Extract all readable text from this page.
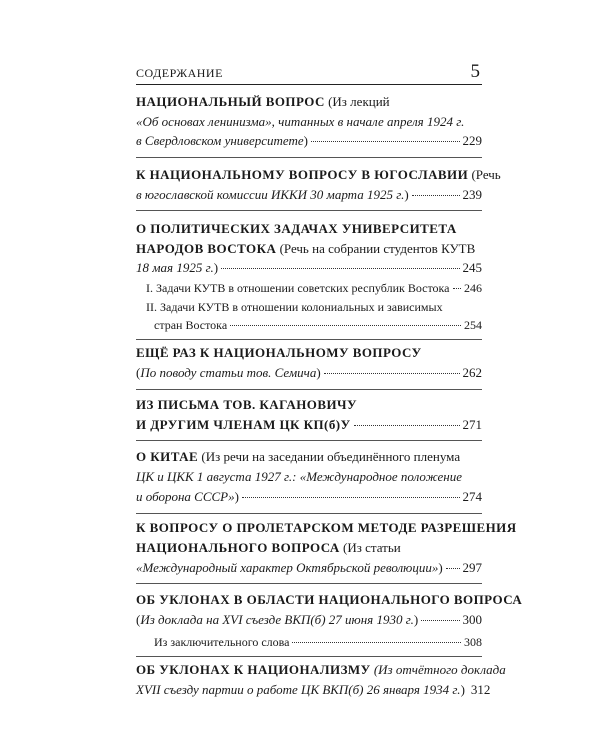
СОДЕРЖАНИЕ	5
НАЦИОНАЛЬНЫЙ ВОПРОС (Из лекций
«Об основах ленинизма», читанных в начале апреля 1924 г.
в Свердловском университете)	229
К НАЦИОНАЛЬНОМУ ВОПРОСУ В ЮГОСЛАВИИ (Речь
в югославской комиссии ИККИ 30 марта 1925 г.)	239
О ПОЛИТИЧЕСКИХ ЗАДАЧАХ УНИВЕРСИТЕТА
НАРОДОВ ВОСТОКА (Речь на собрании студентов КУТВ
18 мая 1925 г.)	245
I. Задачи КУТВ в отношении советских республик Востока 246
II. Задачи КУТВ в отношении колониальных и зависимых
стран Востока	254
ЕЩЁ РАЗ К НАЦИОНАЛЬНОМУ ВОПРОСУ
(По поводу статьи тов. Семича)	262
ИЗ ПИСЬМА ТОВ. КАГАНОВИЧУ
И ДРУГИМ ЧЛЕНАМ ЦК КП(б)У	271
О КИТАЕ (Из речи на заседании объединённого пленума
ЦК и ЦКК 1 августа 1927 г.: «Международное положение
и оборона СССР»)	274
К ВОПРОСУ О ПРОЛЕТАРСКОМ МЕТОДЕ РАЗРЕШЕНИЯ
НАЦИОНАЛЬНОГО ВОПРОСА (Из статьи
«Международный характер Октябрьской революции») 297
ОБ УКЛОНАХ В ОБЛАСТИ НАЦИОНАЛЬНОГО ВОПРОСА
(Из доклада на XVI съезде ВКП(б) 27 июня 1930 г.)	300
Из заключительного слова	308
ОБ УКЛОНАХ К НАЦИОНАЛИЗМУ (Из отчётного доклада
XVII съезду партии о работе ЦК ВКП(б) 26 января 1934 г.) 312
